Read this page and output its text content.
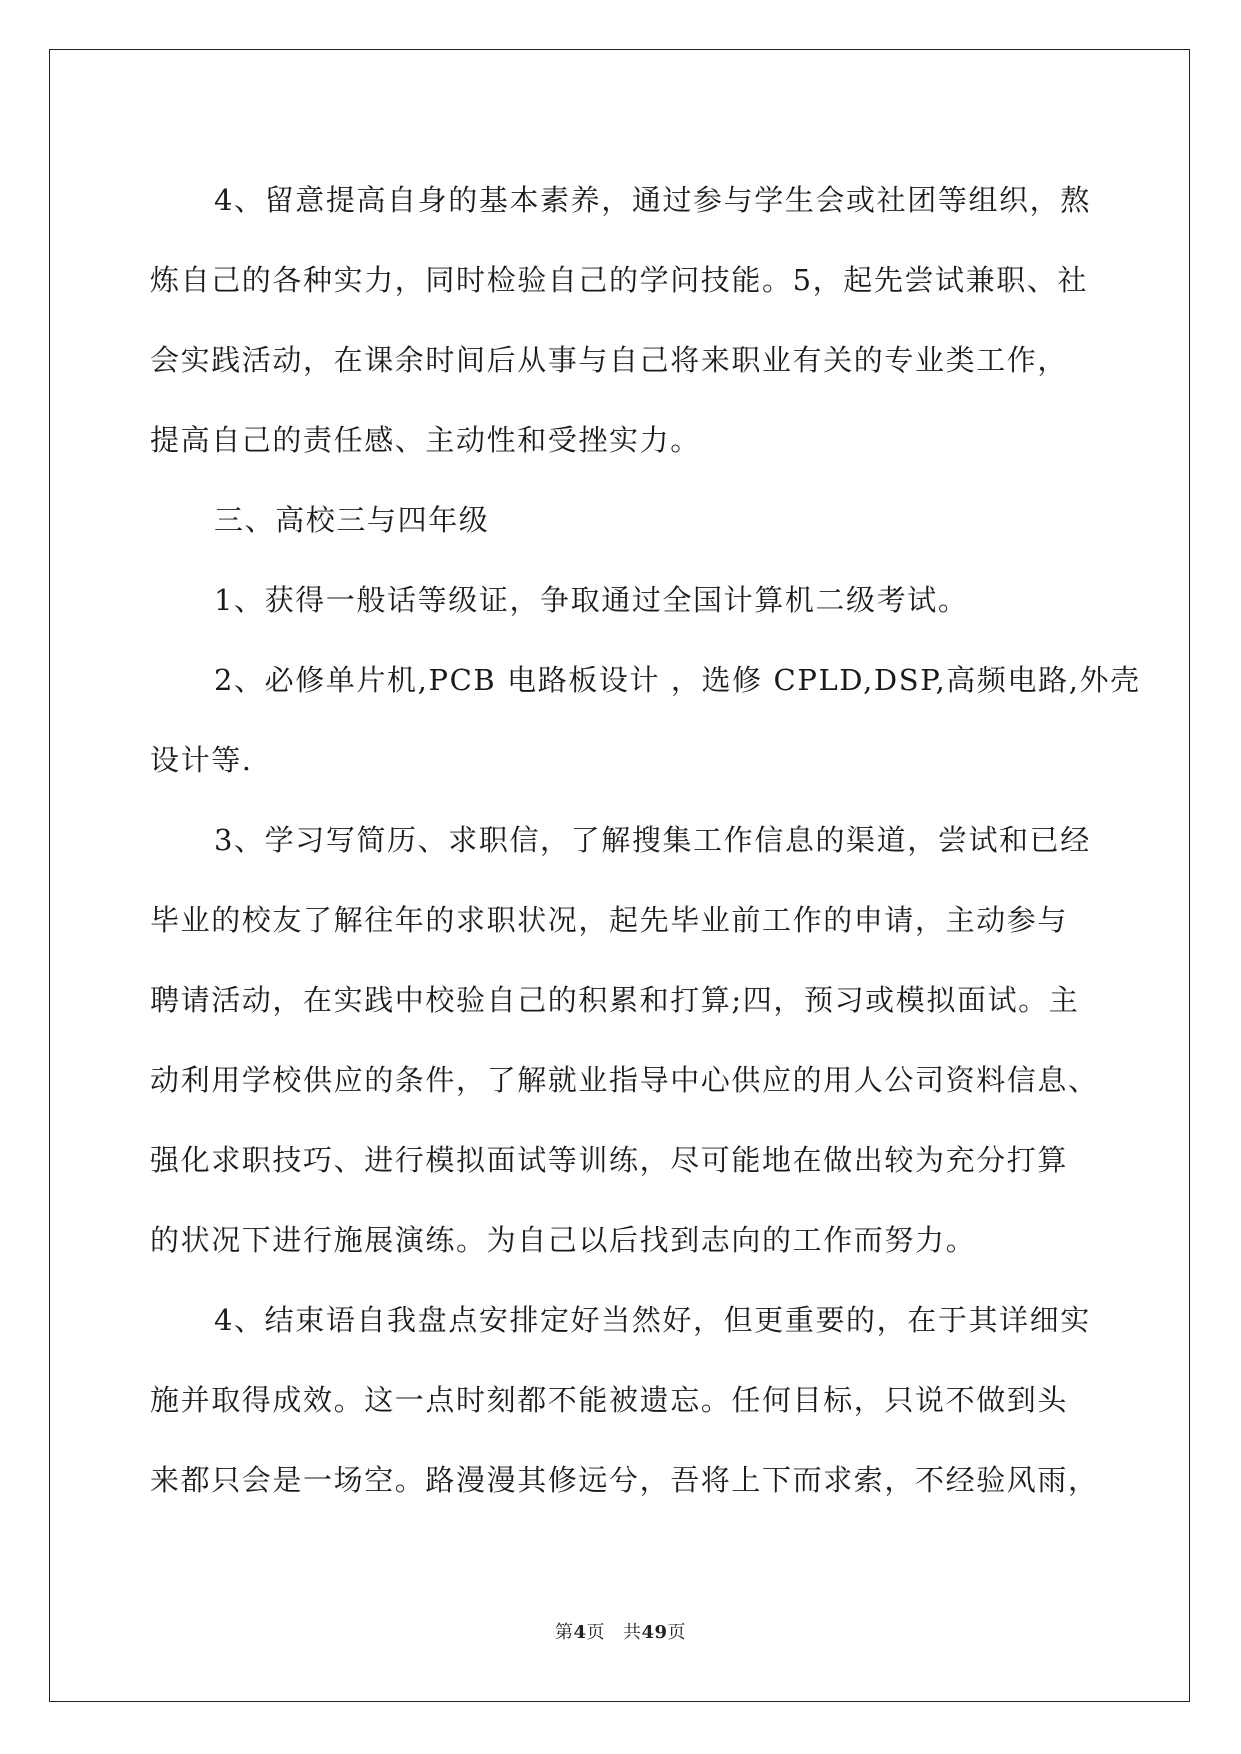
4、留意提高自身的基本素养，通过参与学生会或社团等组织，熬
炼自己的各种实力，同时检验自己的学问技能。5，起先尝试兼职、社
会实践活动，在课余时间后从事与自己将来职业有关的专业类工作，
提高自己的责任感、主动性和受挫实力。
三、高校三与四年级
1、获得一般话等级证，争取通过全国计算机二级考试。
2、必修单片机,PCB 电路板设计 ，选修 CPLD,DSP,高频电路,外壳
设计等.
3、学习写简历、求职信，了解搜集工作信息的渠道，尝试和已经
毕业的校友了解往年的求职状况，起先毕业前工作的申请，主动参与
聘请活动，在实践中校验自己的积累和打算;四，预习或模拟面试。主
动利用学校供应的条件，了解就业指导中心供应的用人公司资料信息、
强化求职技巧、进行模拟面试等训练，尽可能地在做出较为充分打算
的状况下进行施展演练。为自己以后找到志向的工作而努力。
4、结束语自我盘点安排定好当然好，但更重要的，在于其详细实
施并取得成效。这一点时刻都不能被遗忘。任何目标，只说不做到头
来都只会是一场空。路漫漫其修远兮，吾将上下而求索，不经验风雨，
第4页 共49页
